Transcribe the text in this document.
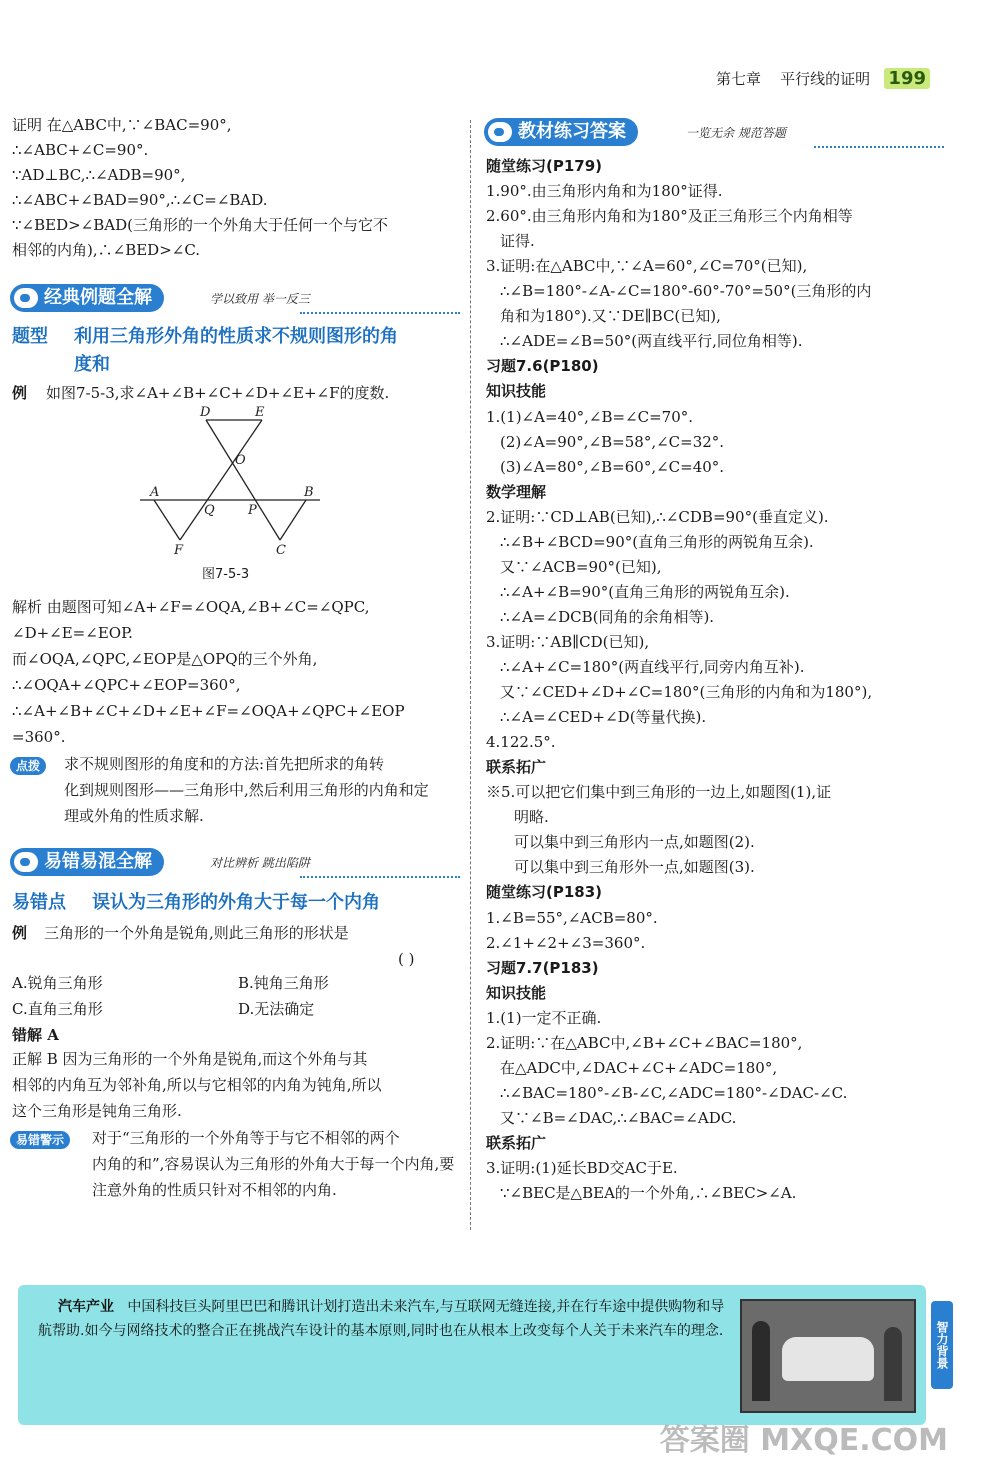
第七章 平行线的证明 199
证明 在△ABC中,∵∠BAC=90°,
∴∠ABC+∠C=90°.
∵AD⊥BC,∴∠ADB=90°,
∴∠ABC+∠BAD=90°,∴∠C=∠BAD.
∵∠BED>∠BAD(三角形的一个外角大于任何一个与它不
相邻的内角),∴∠BED>∠C.
经典例题全解	学以致用 举一反三
题型 利用三角形外角的性质求不规则图形的角
度和
例 如图7-5-3,求∠A+∠B+∠C+∠D+∠E+∠F的度数.
D	E
O
A	B
Q	P
F	C
图7-5-3
解析 由题图可知∠A+∠F=∠OQA,∠B+∠C=∠QPC,
∠D+∠E=∠EOP.
而∠OQA,∠QPC,∠EOP是△OPQ的三个外角,
∴∠OQA+∠QPC+∠EOP=360°,
∴∠A+∠B+∠C+∠D+∠E+∠F=∠OQA+∠QPC+∠EOP
=360°.
点拨	求不规则图形的角度和的方法:首先把所求的角转
化到规则图形——三角形中,然后利用三角形的内角和定
理或外角的性质求解.
易错易混全解	对比辨析 跳出陷阱
易错点 误认为三角形的外角大于每一个内角
例 三角形的一个外角是锐角,则此三角形的形状是
( )
A.锐角三角形	B.钝角三角形
C.直角三角形	D.无法确定
错解 A
正解 B 因为三角形的一个外角是锐角,而这个外角与其
相邻的内角互为邻补角,所以与它相邻的内角为钝角,所以
这个三角形是钝角三角形.
易错警示	对于“三角形的一个外角等于与它不相邻的两个
内角的和”,容易误认为三角形的外角大于每一个内角,要
注意外角的性质只针对不相邻的内角.
教材练习答案	一览无余 规范答题
随堂练习(P179)
1.90°.由三角形内角和为180°证得.
2.60°.由三角形内角和为180°及正三角形三个内角相等
证得.
3.证明:在△ABC中,∵∠A=60°,∠C=70°(已知),
∴∠B=180°-∠A-∠C=180°-60°-70°=50°(三角形的内
角和为180°).又∵DE∥BC(已知),
∴∠ADE=∠B=50°(两直线平行,同位角相等).
习题7.6(P180)
知识技能
1.(1)∠A=40°,∠B=∠C=70°.
(2)∠A=90°,∠B=58°,∠C=32°.
(3)∠A=80°,∠B=60°,∠C=40°.
数学理解
2.证明:∵CD⊥AB(已知),∴∠CDB=90°(垂直定义).
∴∠B+∠BCD=90°(直角三角形的两锐角互余).
又∵∠ACB=90°(已知),
∴∠A+∠B=90°(直角三角形的两锐角互余).
∴∠A=∠DCB(同角的余角相等).
3.证明:∵AB∥CD(已知),
∴∠A+∠C=180°(两直线平行,同旁内角互补).
又∵∠CED+∠D+∠C=180°(三角形的内角和为180°),
∴∠A=∠CED+∠D(等量代换).
4.122.5°.
联系拓广
※5.可以把它们集中到三角形的一边上,如题图(1),证
明略.
可以集中到三角形内一点,如题图(2).
可以集中到三角形外一点,如题图(3).
随堂练习(P183)
1.∠B=55°,∠ACB=80°.
2.∠1+∠2+∠3=360°.
习题7.7(P183)
知识技能
1.(1)一定不正确.
2.证明:∵在△ABC中,∠B+∠C+∠BAC=180°,
在△ADC中,∠DAC+∠C+∠ADC=180°,
∴∠BAC=180°-∠B-∠C,∠ADC=180°-∠DAC-∠C.
又∵∠B=∠DAC,∴∠BAC=∠ADC.
联系拓广
3.证明:(1)延长BD交AC于E.
∵∠BEC是△BEA的一个外角,∴∠BEC>∠A.
汽车产业 中国科技巨头阿里巴巴和腾讯计划打造出未来汽车,与互联网无缝连接,并在行车途中提供购物和导航帮助.如今与网络技术的整合正在挑战汽车设计的基本原则,同时也在从根本上改变每个人关于未来汽车的理念.	智力背景
答案圈 MXQE.COM
